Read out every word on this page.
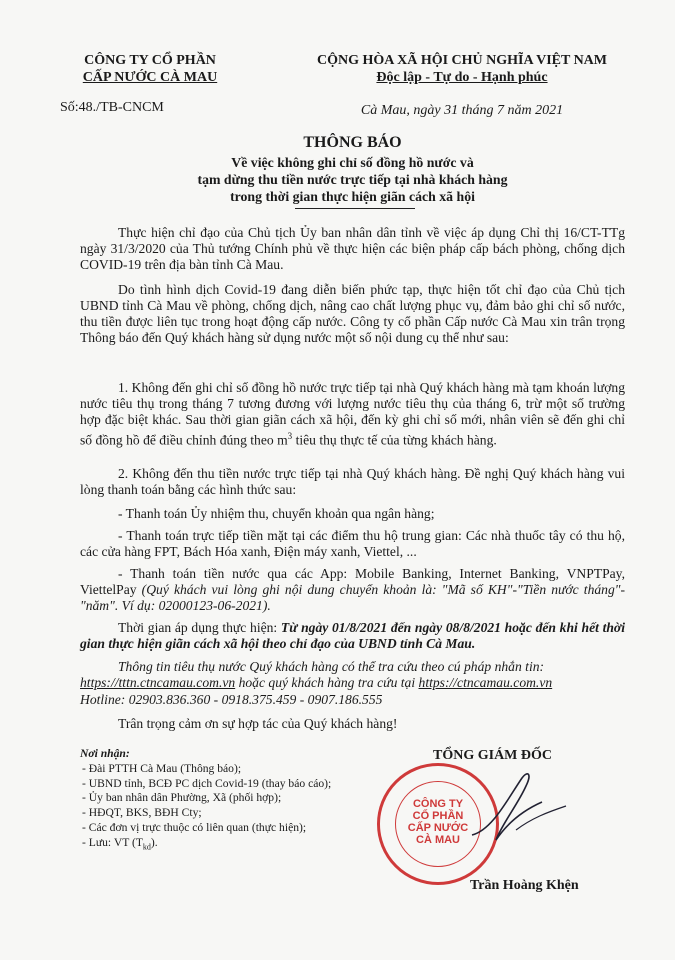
CÔNG TY CỔ PHẦN
CẤP NƯỚC CÀ MAU
Số:48./TB-CNCM
CỘNG HÒA XÃ HỘI CHỦ NGHĨA VIỆT NAM
Độc lập - Tự do - Hạnh phúc
Cà Mau, ngày 31 tháng 7 năm 2021
THÔNG BÁO
Về việc không ghi chỉ số đồng hồ nước và
tạm dừng thu tiền nước trực tiếp tại nhà khách hàng
trong thời gian thực hiện giãn cách xã hội
Thực hiện chỉ đạo của Chủ tịch Ủy ban nhân dân tỉnh về việc áp dụng Chỉ thị 16/CT-TTg ngày 31/3/2020 của Thủ tướng Chính phủ về thực hiện các biện pháp cấp bách phòng, chống dịch COVID-19 trên địa bàn tỉnh Cà Mau.
Do tình hình dịch Covid-19 đang diễn biến phức tạp, thực hiện tốt chỉ đạo của Chủ tịch UBND tỉnh Cà Mau về phòng, chống dịch, nâng cao chất lượng phục vụ, đảm bảo ghi chỉ số nước, thu tiền được liên tục trong hoạt động cấp nước. Công ty cổ phần Cấp nước Cà Mau xin trân trọng Thông báo đến Quý khách hàng sử dụng nước một số nội dung cụ thể như sau:
1. Không đến ghi chỉ số đồng hồ nước trực tiếp tại nhà Quý khách hàng mà tạm khoán lượng nước tiêu thụ trong tháng 7 tương đương với lượng nước tiêu thụ của tháng 6, trừ một số trường hợp đặc biệt khác. Sau thời gian giãn cách xã hội, đến kỳ ghi chỉ số mới, nhân viên sẽ đến ghi chỉ số đồng hồ để điều chỉnh đúng theo $m^3$ tiêu thụ thực tế của từng khách hàng.
2. Không đến thu tiền nước trực tiếp tại nhà Quý khách hàng. Đề nghị Quý khách hàng vui lòng thanh toán bằng các hình thức sau:
- Thanh toán Ủy nhiệm thu, chuyển khoản qua ngân hàng;
- Thanh toán trực tiếp tiền mặt tại các điểm thu hộ trung gian: Các nhà thuốc tây có thu hộ, các cửa hàng FPT, Bách Hóa xanh, Điện máy xanh, Viettel, ...
- Thanh toán tiền nước qua các App: Mobile Banking, Internet Banking, VNPTPay, ViettelPay (Quý khách vui lòng ghi nội dung chuyển khoản là: "Mã số KH"-"Tiền nước tháng"-"năm". Ví dụ: 02000123-06-2021).
Thời gian áp dụng thực hiện: Từ ngày 01/8/2021 đến ngày 08/8/2021 hoặc đến khi hết thời gian thực hiện giãn cách xã hội theo chỉ đạo của UBND tỉnh Cà Mau.
Thông tin tiêu thụ nước Quý khách hàng có thể tra cứu theo cú pháp nhắn tin:
https://tttn.ctncamau.com.vn hoặc quý khách hàng tra cứu tại https://ctncamau.com.vn
Hotline: 02903.836.360 - 0918.375.459 - 0907.186.555
Trân trọng cảm ơn sự hợp tác của Quý khách hàng!
Nơi nhận:
- Đài PTTH Cà Mau (Thông báo);
- UBND tỉnh, BCĐ PC dịch Covid-19 (thay báo cáo);
- Ủy ban nhân dân Phường, Xã (phối hợp);
- HĐQT, BKS, BĐH Cty;
- Các đơn vị trực thuộc có liên quan (thực hiện);
- Lưu: VT $(T_{kd})$.
TỔNG GIÁM ĐỐC
CÔNG TY
CỔ PHẦN
CẤP NƯỚC
CÀ MAU
Trần Hoàng Khện
